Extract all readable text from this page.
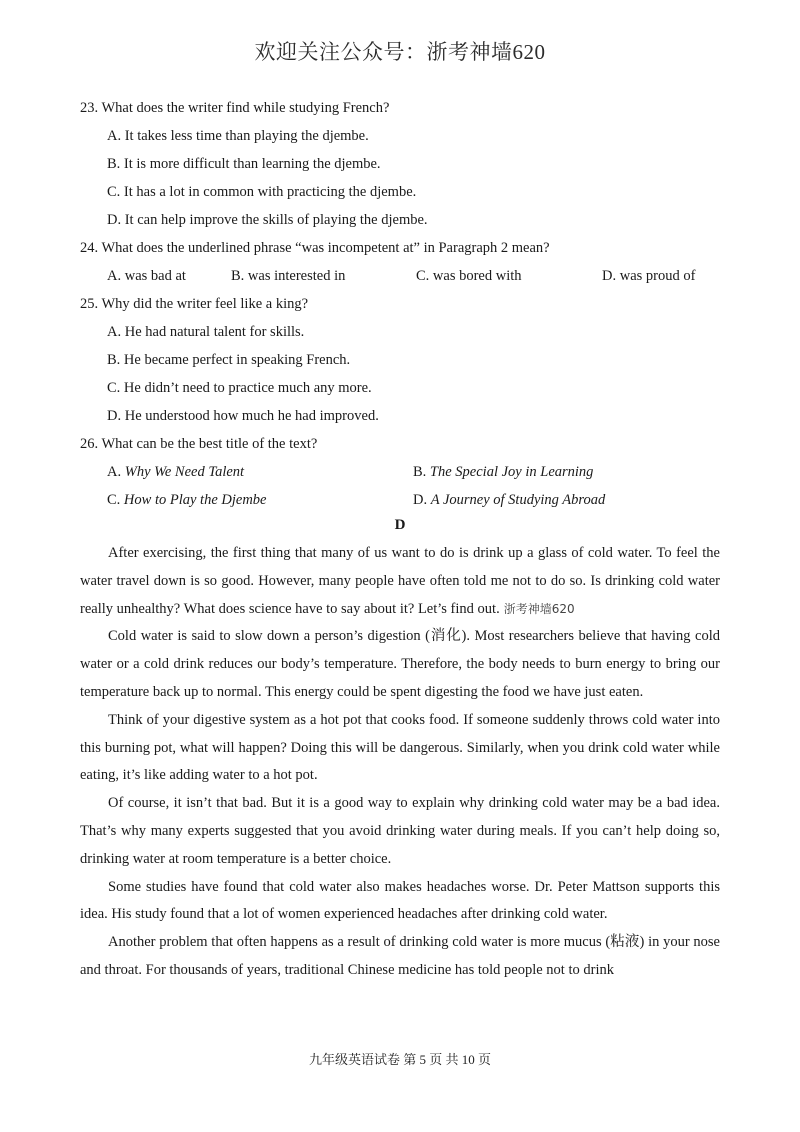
欢迎关注公众号：浙考神墙620
23. What does the writer find while studying French?
A. It takes less time than playing the djembe.
B. It is more difficult than learning the djembe.
C. It has a lot in common with practicing the djembe.
D. It can help improve the skills of playing the djembe.
24. What does the underlined phrase “was incompetent at” in Paragraph 2 mean?
A. was bad at	B. was interested in	C. was bored with	D. was proud of
25. Why did the writer feel like a king?
A. He had natural talent for skills.
B. He became perfect in speaking French.
C. He didn’t need to practice much any more.
D. He understood how much he had improved.
26. What can be the best title of the text?
A. Why We Need Talent	B. The Special Joy in Learning
C. How to Play the Djembe	D. A Journey of Studying Abroad
D

After exercising, the first thing that many of us want to do is drink up a glass of cold water. To feel the water travel down is so good. However, many people have often told me not to do so. Is drinking cold water really unhealthy? What does science have to say about it? Let’s find out. 浙考神墙620

Cold water is said to slow down a person’s digestion (消化). Most researchers believe that having cold water or a cold drink reduces our body’s temperature. Therefore, the body needs to burn energy to bring our temperature back up to normal. This energy could be spent digesting the food we have just eaten.

Think of your digestive system as a hot pot that cooks food. If someone suddenly throws cold water into this burning pot, what will happen? Doing this will be dangerous. Similarly, when you drink cold water while eating, it’s like adding water to a hot pot.

Of course, it isn’t that bad. But it is a good way to explain why drinking cold water may be a bad idea. That’s why many experts suggested that you avoid drinking water during meals. If you can’t help doing so, drinking water at room temperature is a better choice.

Some studies have found that cold water also makes headaches worse. Dr. Peter Mattson supports this idea. His study found that a lot of women experienced headaches after drinking cold water.

Another problem that often happens as a result of drinking cold water is more mucus (粘液) in your nose and throat. For thousands of years, traditional Chinese medicine has told people not to drink

九年级英语试卷 第 5 页 共 10 页
